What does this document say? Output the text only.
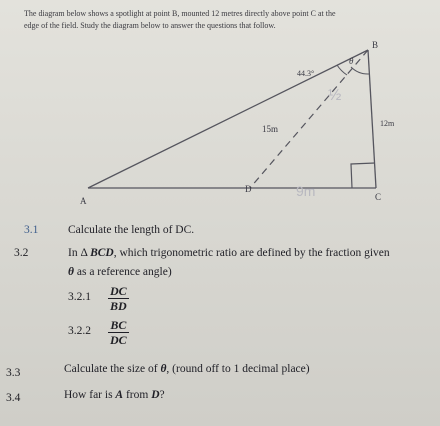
The diagram below shows a spotlight at point B, mounted 12 metres directly above point C at the
edge of the field. Study the diagram below to answer the questions that follow.
A
D
C
B
44.3°
θ
½
15m
12m
9m
3.1	Calculate the length of DC.
3.2	In Δ BCD, which trigonometric ratio are defined by the fraction given
θ as a reference angle)
$3.2.1 \frac{DC}{BD}$
$3.2.2 \frac{BC}{DC}$
3.3	Calculate the size of θ, (round off to 1 decimal place)
3.4	How far is A from D?
